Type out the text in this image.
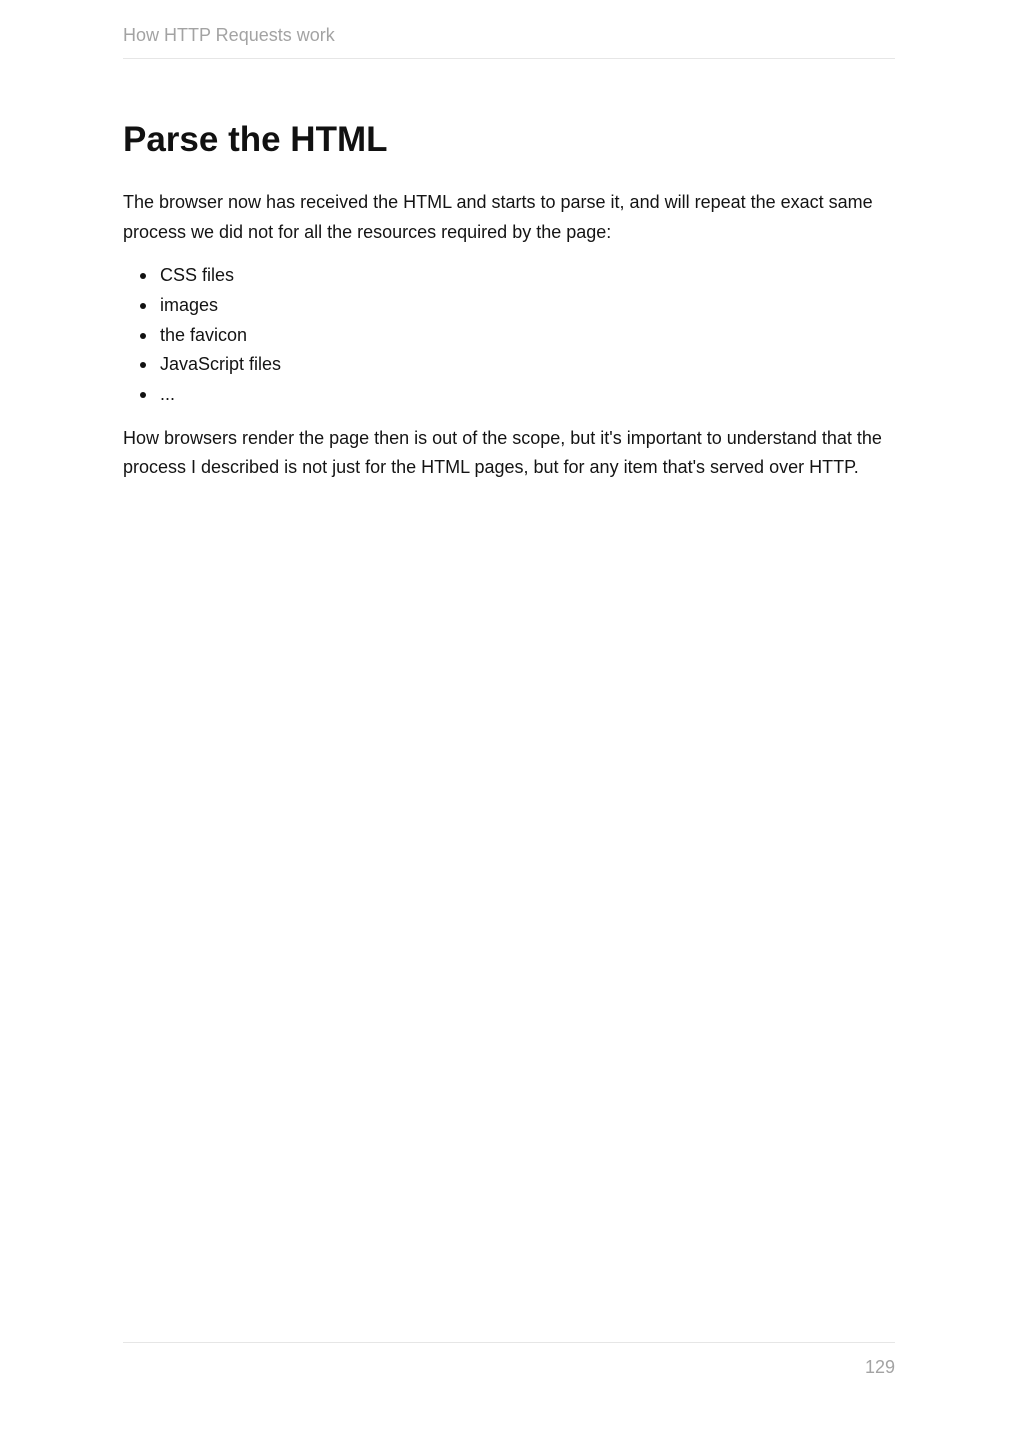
How HTTP Requests work
Parse the HTML

The browser now has received the HTML and starts to parse it, and will repeat the exact same process we did not for all the resources required by the page:

CSS files
images
the favicon
JavaScript files
...

How browsers render the page then is out of the scope, but it's important to understand that the process I described is not just for the HTML pages, but for any item that's served over HTTP.

129
